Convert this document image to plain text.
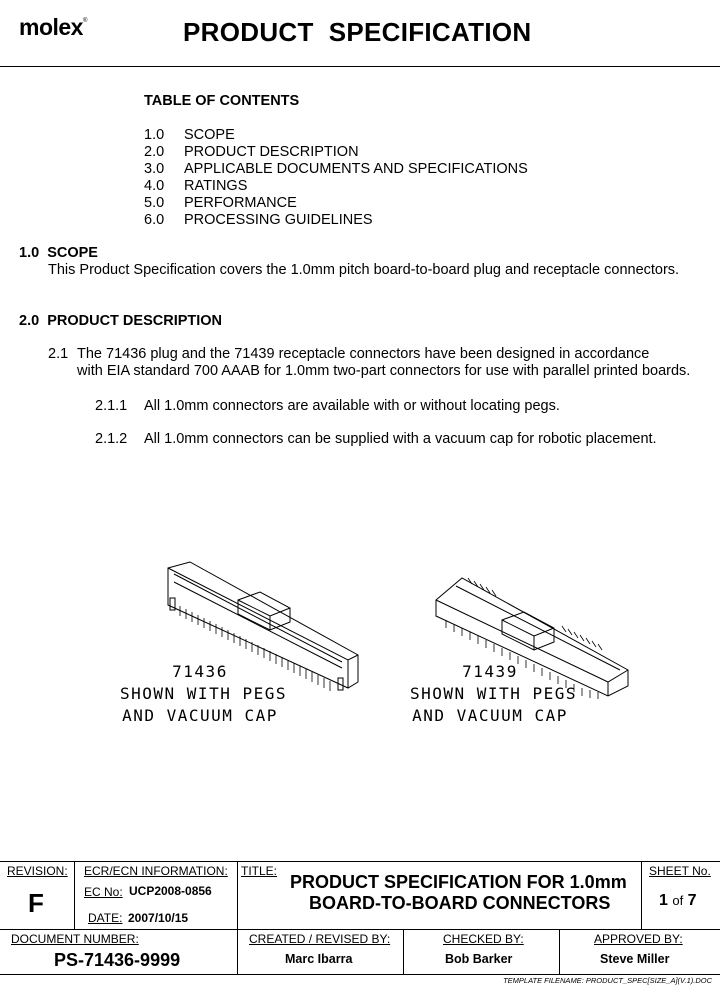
molex ®	PRODUCT  SPECIFICATION
TABLE OF CONTENTS
1.0 SCOPE
2.0 PRODUCT DESCRIPTION
3.0 APPLICABLE DOCUMENTS AND SPECIFICATIONS
4.0 RATINGS
5.0 PERFORMANCE
6.0 PROCESSING GUIDELINES
1.0  SCOPE
This Product Specification covers the 1.0mm pitch board-to-board plug and receptacle connectors.
2.0  PRODUCT DESCRIPTION
2.1 The 71436 plug and the 71439 receptacle connectors have been designed in accordance
with EIA standard 700 AAAB for 1.0mm two-part connectors for use with parallel printed boards.
2.1.1 All 1.0mm connectors are available with or without locating pegs.
2.1.2 All 1.0mm connectors can be supplied with a vacuum cap for robotic placement.
71436
SHOWN WITH PEGS
AND VACUUM CAP
71439
SHOWN WITH PEGS
AND VACUUM CAP
REVISION:
F
ECR/ECN INFORMATION:
EC No: UCP2008-0856
DATE: 2007/10/15
TITLE:
PRODUCT SPECIFICATION FOR 1.0mm
BOARD-TO-BOARD CONNECTORS
SHEET No.
1 of 7
DOCUMENT NUMBER:
PS-71436-9999
CREATED / REVISED BY:
Marc Ibarra
CHECKED BY:
Bob Barker
APPROVED BY:
Steve Miller
TEMPLATE FILENAME: PRODUCT_SPEC[SIZE_A](V.1).DOC
